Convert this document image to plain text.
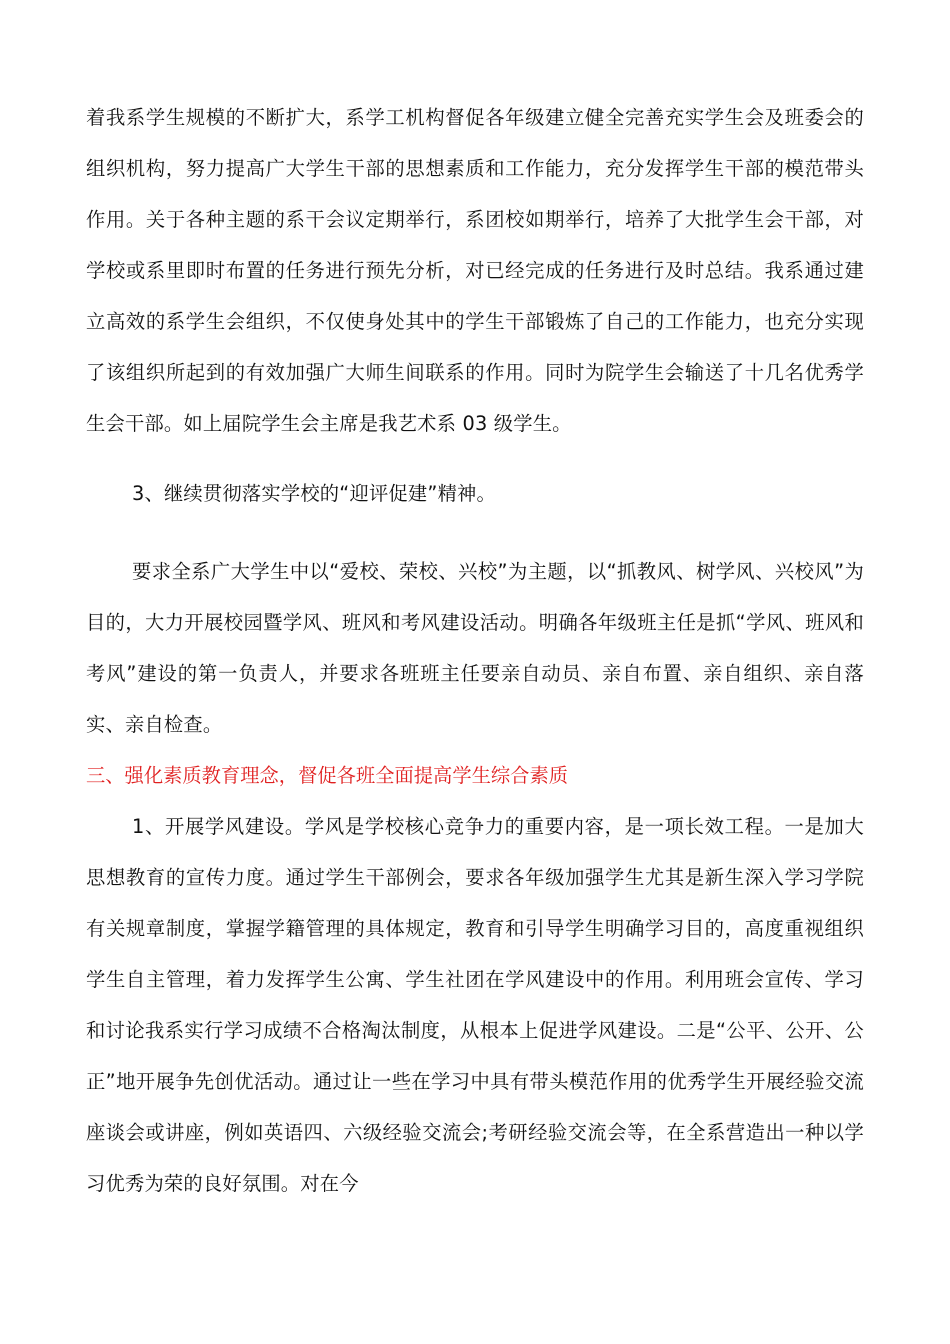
着我系学生规模的不断扩大，系学工机构督促各年级建立健全完善充实学生会及班委会的组织机构，努力提高广大学生干部的思想素质和工作能力，充分发挥学生干部的模范带头作用。关于各种主题的系干会议定期举行，系团校如期举行，培养了大批学生会干部，对学校或系里即时布置的任务进行预先分析，对已经完成的任务进行及时总结。我系通过建立高效的系学生会组织，不仅使身处其中的学生干部锻炼了自己的工作能力，也充分实现了该组织所起到的有效加强广大师生间联系的作用。同时为院学生会输送了十几名优秀学生会干部。如上届院学生会主席是我艺术系 03 级学生。

3、继续贯彻落实学校的“迎评促建”精神。

要求全系广大学生中以“爱校、荣校、兴校”为主题，以“抓教风、树学风、兴校风”为目的，大力开展校园暨学风、班风和考风建设活动。明确各年级班主任是抓“学风、班风和考风”建设的第一负责人，并要求各班班主任要亲自动员、亲自布置、亲自组织、亲自落实、亲自检查。

三、强化素质教育理念，督促各班全面提高学生综合素质

1、开展学风建设。学风是学校核心竞争力的重要内容，是一项长效工程。一是加大思想教育的宣传力度。通过学生干部例会，要求各年级加强学生尤其是新生深入学习学院有关规章制度，掌握学籍管理的具体规定，教育和引导学生明确学习目的，高度重视组织学生自主管理，着力发挥学生公寓、学生社团在学风建设中的作用。利用班会宣传、学习和讨论我系实行学习成绩不合格淘汰制度，从根本上促进学风建设。二是“公平、公开、公正”地开展争先创优活动。通过让一些在学习中具有带头模范作用的优秀学生开展经验交流座谈会或讲座，例如英语四、六级经验交流会;考研经验交流会等，在全系营造出一种以学习优秀为荣的良好氛围。对在今
